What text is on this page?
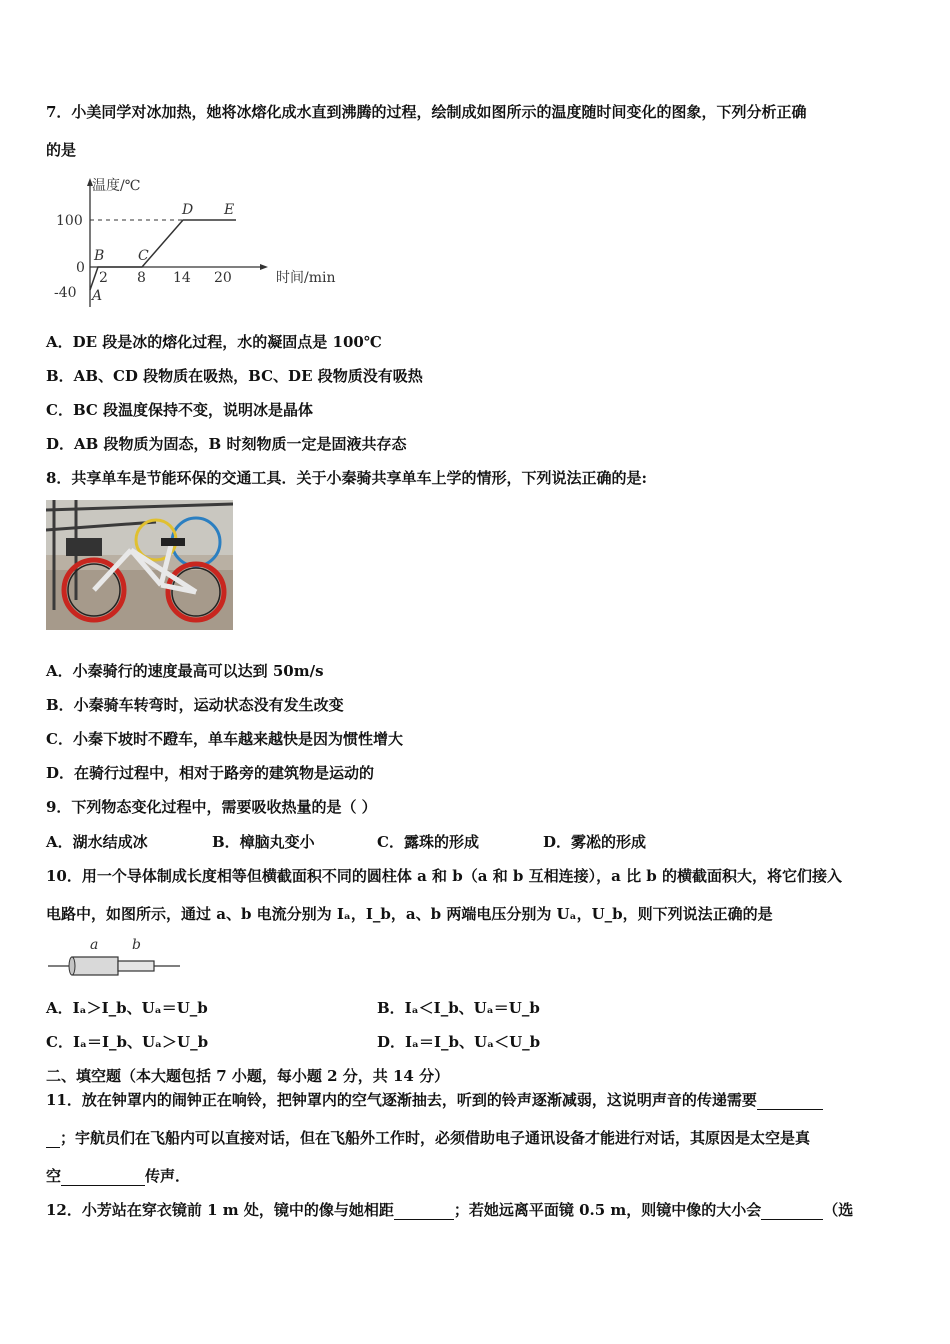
7．小美同学对冰加热，她将冰熔化成水直到沸腾的过程，绘制成如图所示的温度随时间变化的图象，下列分析正确
的是
温度/℃
时间/min
100
0
-40
2 8 14 20
A
B C
D E
A．DE 段是冰的熔化过程，水的凝固点是 100℃
B．AB、CD 段物质在吸热，BC、DE 段物质没有吸热
C．BC 段温度保持不变，说明冰是晶体
D．AB 段物质为固态，B 时刻物质一定是固液共存态
8．共享单车是节能环保的交通工具．关于小秦骑共享单车上学的情形，下列说法正确的是:
A．小秦骑行的速度最高可以达到 50m/s
B．小秦骑车转弯时，运动状态没有发生改变
C．小秦下坡时不蹬车，单车越来越快是因为惯性增大
D．在骑行过程中，相对于路旁的建筑物是运动的
9．下列物态变化过程中，需要吸收热量的是（ ）
A．湖水结成冰	B．樟脑丸变小	C．露珠的形成	D．雾凇的形成
10．用一个导体制成长度相等但横截面积不同的圆柱体 a 和 b（a 和 b 互相连接），a 比 b 的横截面积大，将它们接入
电路中，如图所示，通过 a、b 电流分别为 Iₐ，I_b，a、b 两端电压分别为 Uₐ，U_b，则下列说法正确的是
a b
A．Iₐ＞I_b、Uₐ＝U_b	B．Iₐ＜I_b、Uₐ＝U_b
C．Iₐ＝I_b、Uₐ＞U_b	D．Iₐ＝I_b、Uₐ＜U_b
二、填空题（本大题包括 7 小题，每小题 2 分，共 14 分）
11．放在钟罩内的闹钟正在响铃，把钟罩内的空气逐渐抽去，听到的铃声逐渐减弱，这说明声音的传递需要
；宇航员们在飞船内可以直接对话，但在飞船外工作时，必须借助电子通讯设备才能进行对话，其原因是太空是真
空	传声．
12．小芳站在穿衣镜前 1 m 处，镜中的像与她相距	；若她远离平面镜 0.5 m，则镜中像的大小会	（选
